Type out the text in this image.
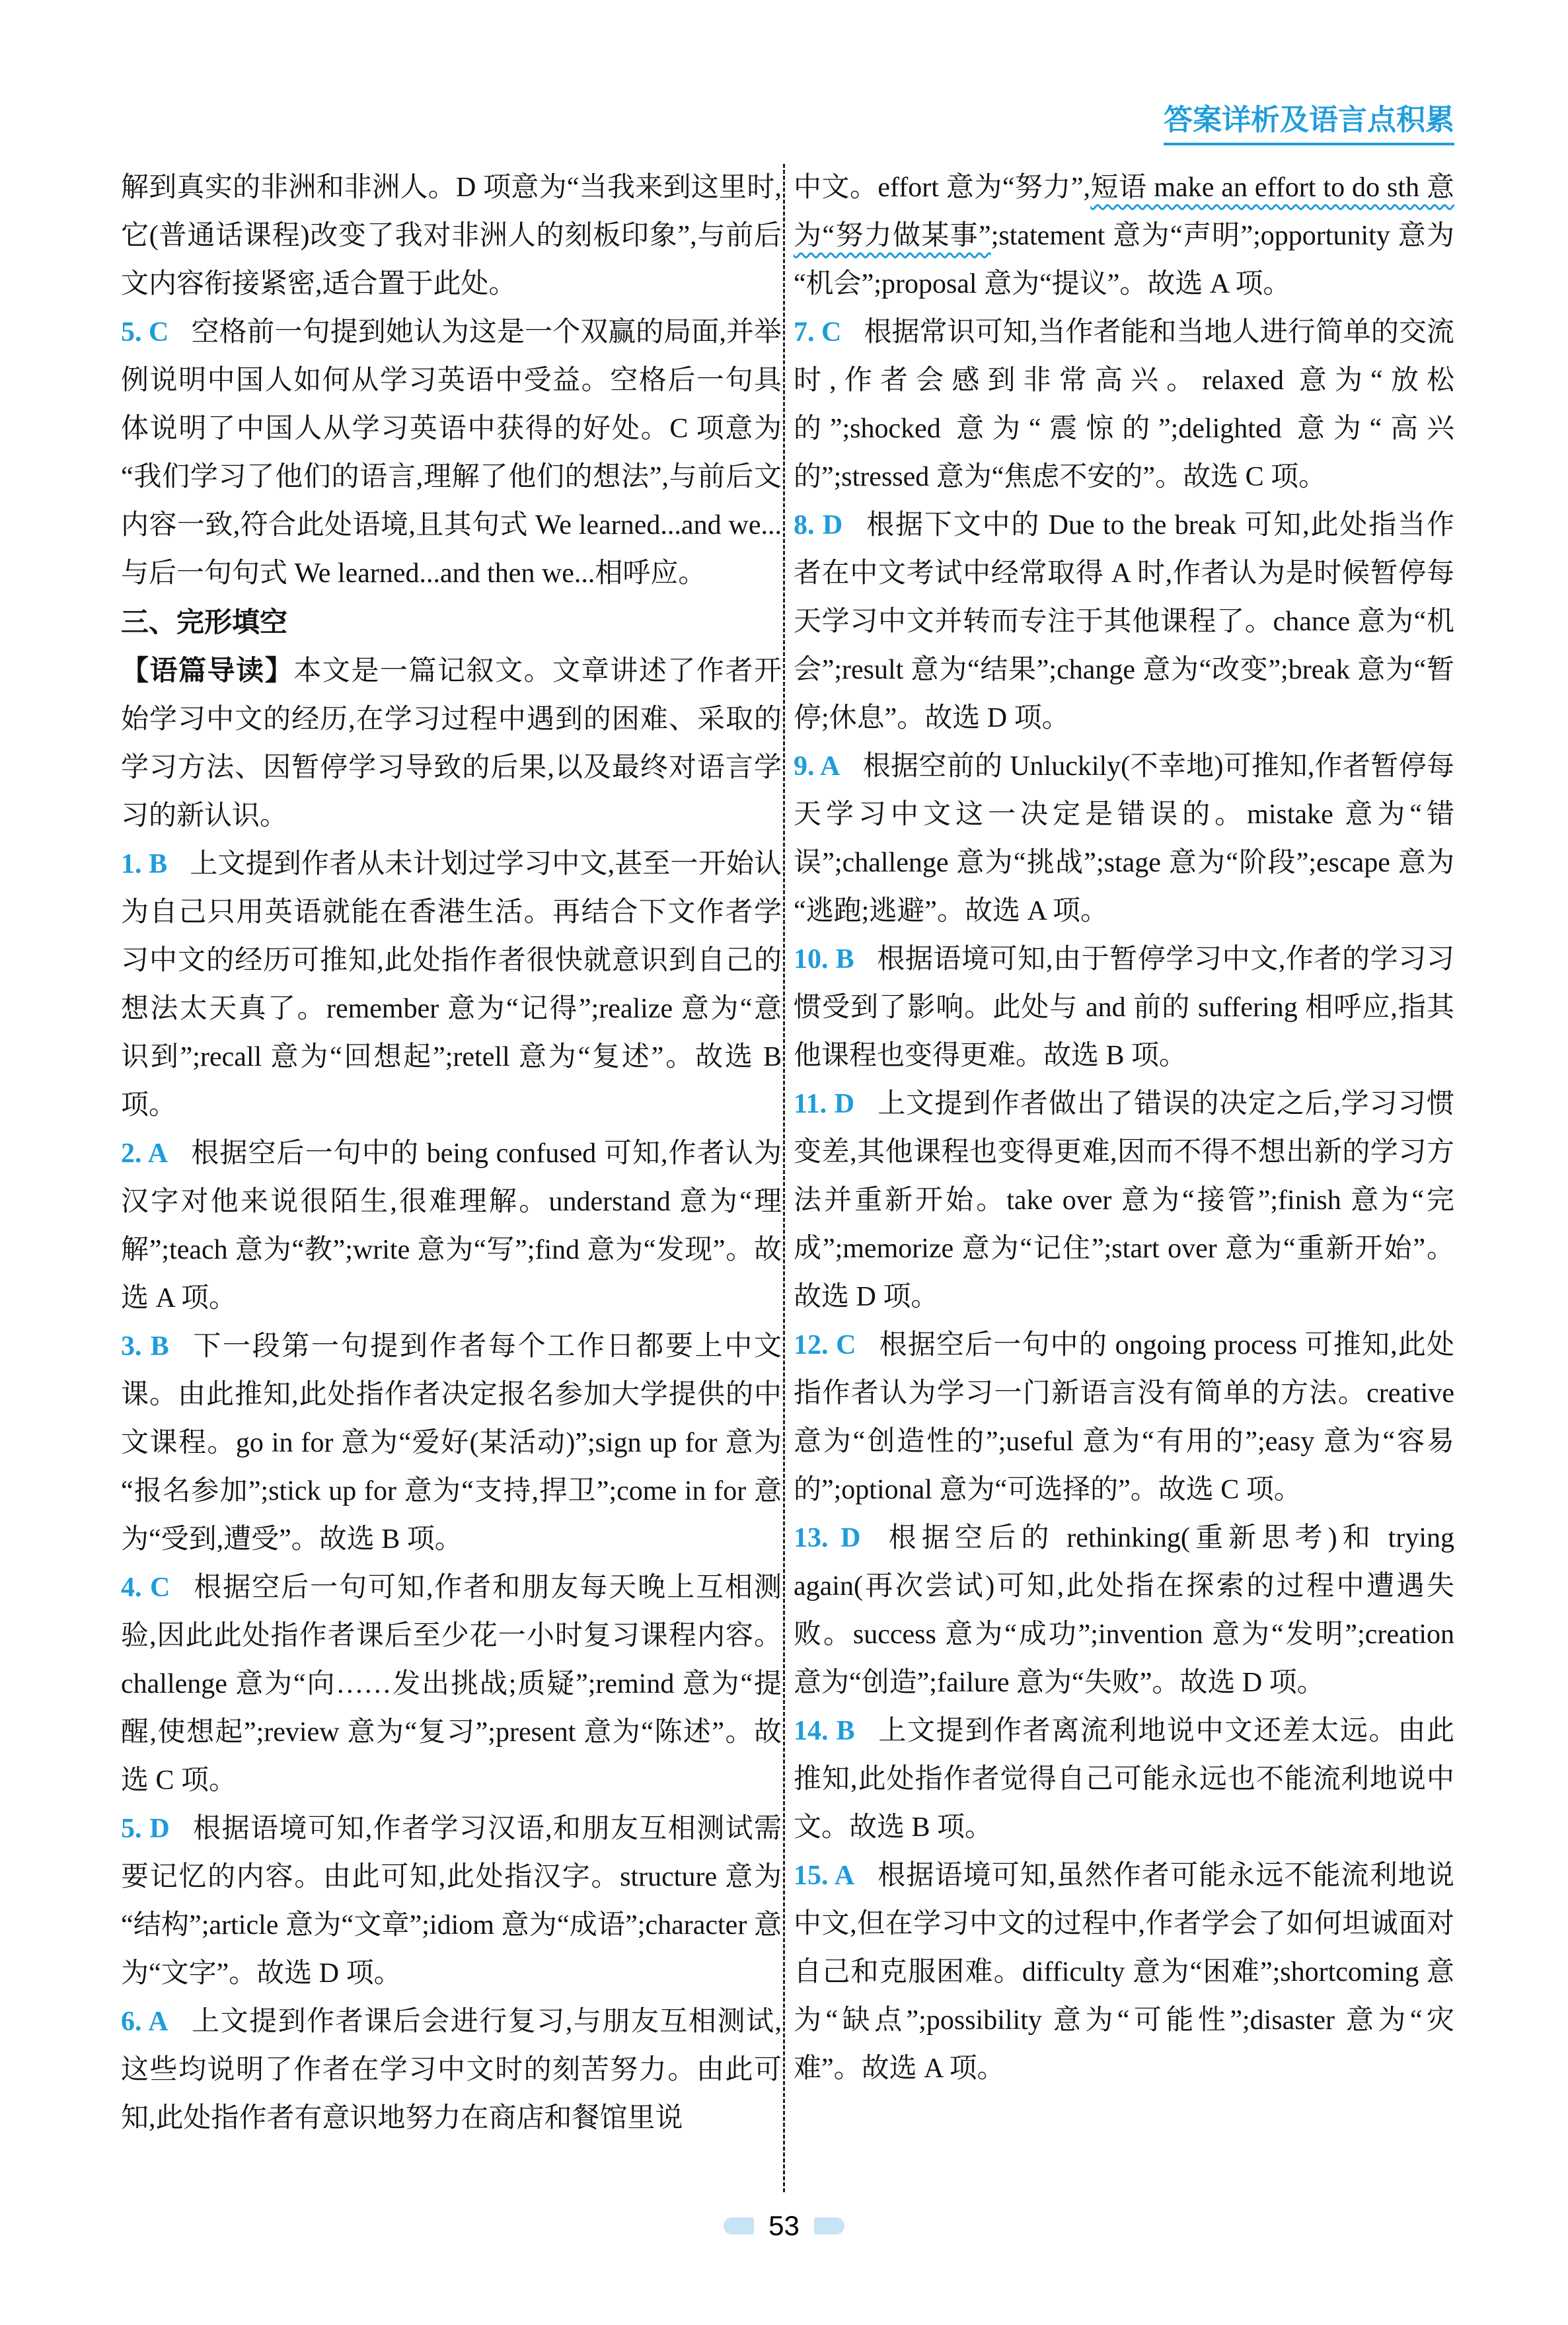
答案详析及语言点积累

解到真实的非洲和非洲人。D 项意为“当我来到这里时,它(普通话课程)改变了我对非洲人的刻板印象”,与前后文内容衔接紧密,适合置于此处。

5. C 空格前一句提到她认为这是一个双赢的局面,并举例说明中国人如何从学习英语中受益。空格后一句具体说明了中国人从学习英语中获得的好处。C 项意为“我们学习了他们的语言,理解了他们的想法”,与前后文内容一致,符合此处语境,且其句式 We learned...and we...与后一句句式 We learned...and then we...相呼应。

三、完形填空

【语篇导读】本文是一篇记叙文。文章讲述了作者开始学习中文的经历,在学习过程中遇到的困难、采取的学习方法、因暂停学习导致的后果,以及最终对语言学习的新认识。

1. B 上文提到作者从未计划过学习中文,甚至一开始认为自己只用英语就能在香港生活。再结合下文作者学习中文的经历可推知,此处指作者很快就意识到自己的想法太天真了。remember 意为“记得”;realize 意为“意识到”;recall 意为“回想起”;retell 意为“复述”。故选 B 项。

2. A 根据空后一句中的 being confused 可知,作者认为汉字对他来说很陌生,很难理解。understand 意为“理解”;teach 意为“教”;write 意为“写”;find 意为“发现”。故选 A 项。

3. B 下一段第一句提到作者每个工作日都要上中文课。由此推知,此处指作者决定报名参加大学提供的中文课程。go in for 意为“爱好(某活动)”;sign up for 意为“报名参加”;stick up for 意为“支持,捍卫”;come in for 意为“受到,遭受”。故选 B 项。

4. C 根据空后一句可知,作者和朋友每天晚上互相测验,因此此处指作者课后至少花一小时复习课程内容。challenge 意为“向……发出挑战;质疑”;remind 意为“提醒,使想起”;review 意为“复习”;present 意为“陈述”。故选 C 项。

5. D 根据语境可知,作者学习汉语,和朋友互相测试需要记忆的内容。由此可知,此处指汉字。structure 意为“结构”;article 意为“文章”;idiom 意为“成语”;character 意为“文字”。故选 D 项。

6. A 上文提到作者课后会进行复习,与朋友互相测试,这些均说明了作者在学习中文时的刻苦努力。由此可知,此处指作者有意识地努力在商店和餐馆里说

中文。effort 意为“努力”,短语 make an effort to do sth 意为“努力做某事”;statement 意为“声明”;opportunity 意为“机会”;proposal 意为“提议”。故选 A 项。

7. C 根据常识可知,当作者能和当地人进行简单的交流时,作者会感到非常高兴。relaxed 意为“放松的”;shocked 意为“震惊的”;delighted 意为“高兴的”;stressed 意为“焦虑不安的”。故选 C 项。

8. D 根据下文中的 Due to the break 可知,此处指当作者在中文考试中经常取得 A 时,作者认为是时候暂停每天学习中文并转而专注于其他课程了。chance 意为“机会”;result 意为“结果”;change 意为“改变”;break 意为“暂停;休息”。故选 D 项。

9. A 根据空前的 Unluckily(不幸地)可推知,作者暂停每天学习中文这一决定是错误的。mistake 意为“错误”;challenge 意为“挑战”;stage 意为“阶段”;escape 意为“逃跑;逃避”。故选 A 项。

10. B 根据语境可知,由于暂停学习中文,作者的学习习惯受到了影响。此处与 and 前的 suffering 相呼应,指其他课程也变得更难。故选 B 项。

11. D 上文提到作者做出了错误的决定之后,学习习惯变差,其他课程也变得更难,因而不得不想出新的学习方法并重新开始。take over 意为“接管”;finish 意为“完成”;memorize 意为“记住”;start over 意为“重新开始”。故选 D 项。

12. C 根据空后一句中的 ongoing process 可推知,此处指作者认为学习一门新语言没有简单的方法。creative 意为“创造性的”;useful 意为“有用的”;easy 意为“容易的”;optional 意为“可选择的”。故选 C 项。

13. D 根据空后的 rethinking(重新思考)和 trying again(再次尝试)可知,此处指在探索的过程中遭遇失败。success 意为“成功”;invention 意为“发明”;creation 意为“创造”;failure 意为“失败”。故选 D 项。

14. B 上文提到作者离流利地说中文还差太远。由此推知,此处指作者觉得自己可能永远也不能流利地说中文。故选 B 项。

15. A 根据语境可知,虽然作者可能永远不能流利地说中文,但在学习中文的过程中,作者学会了如何坦诚面对自己和克服困难。difficulty 意为“困难”;shortcoming 意为“缺点”;possibility 意为“可能性”;disaster 意为“灾难”。故选 A 项。

53
